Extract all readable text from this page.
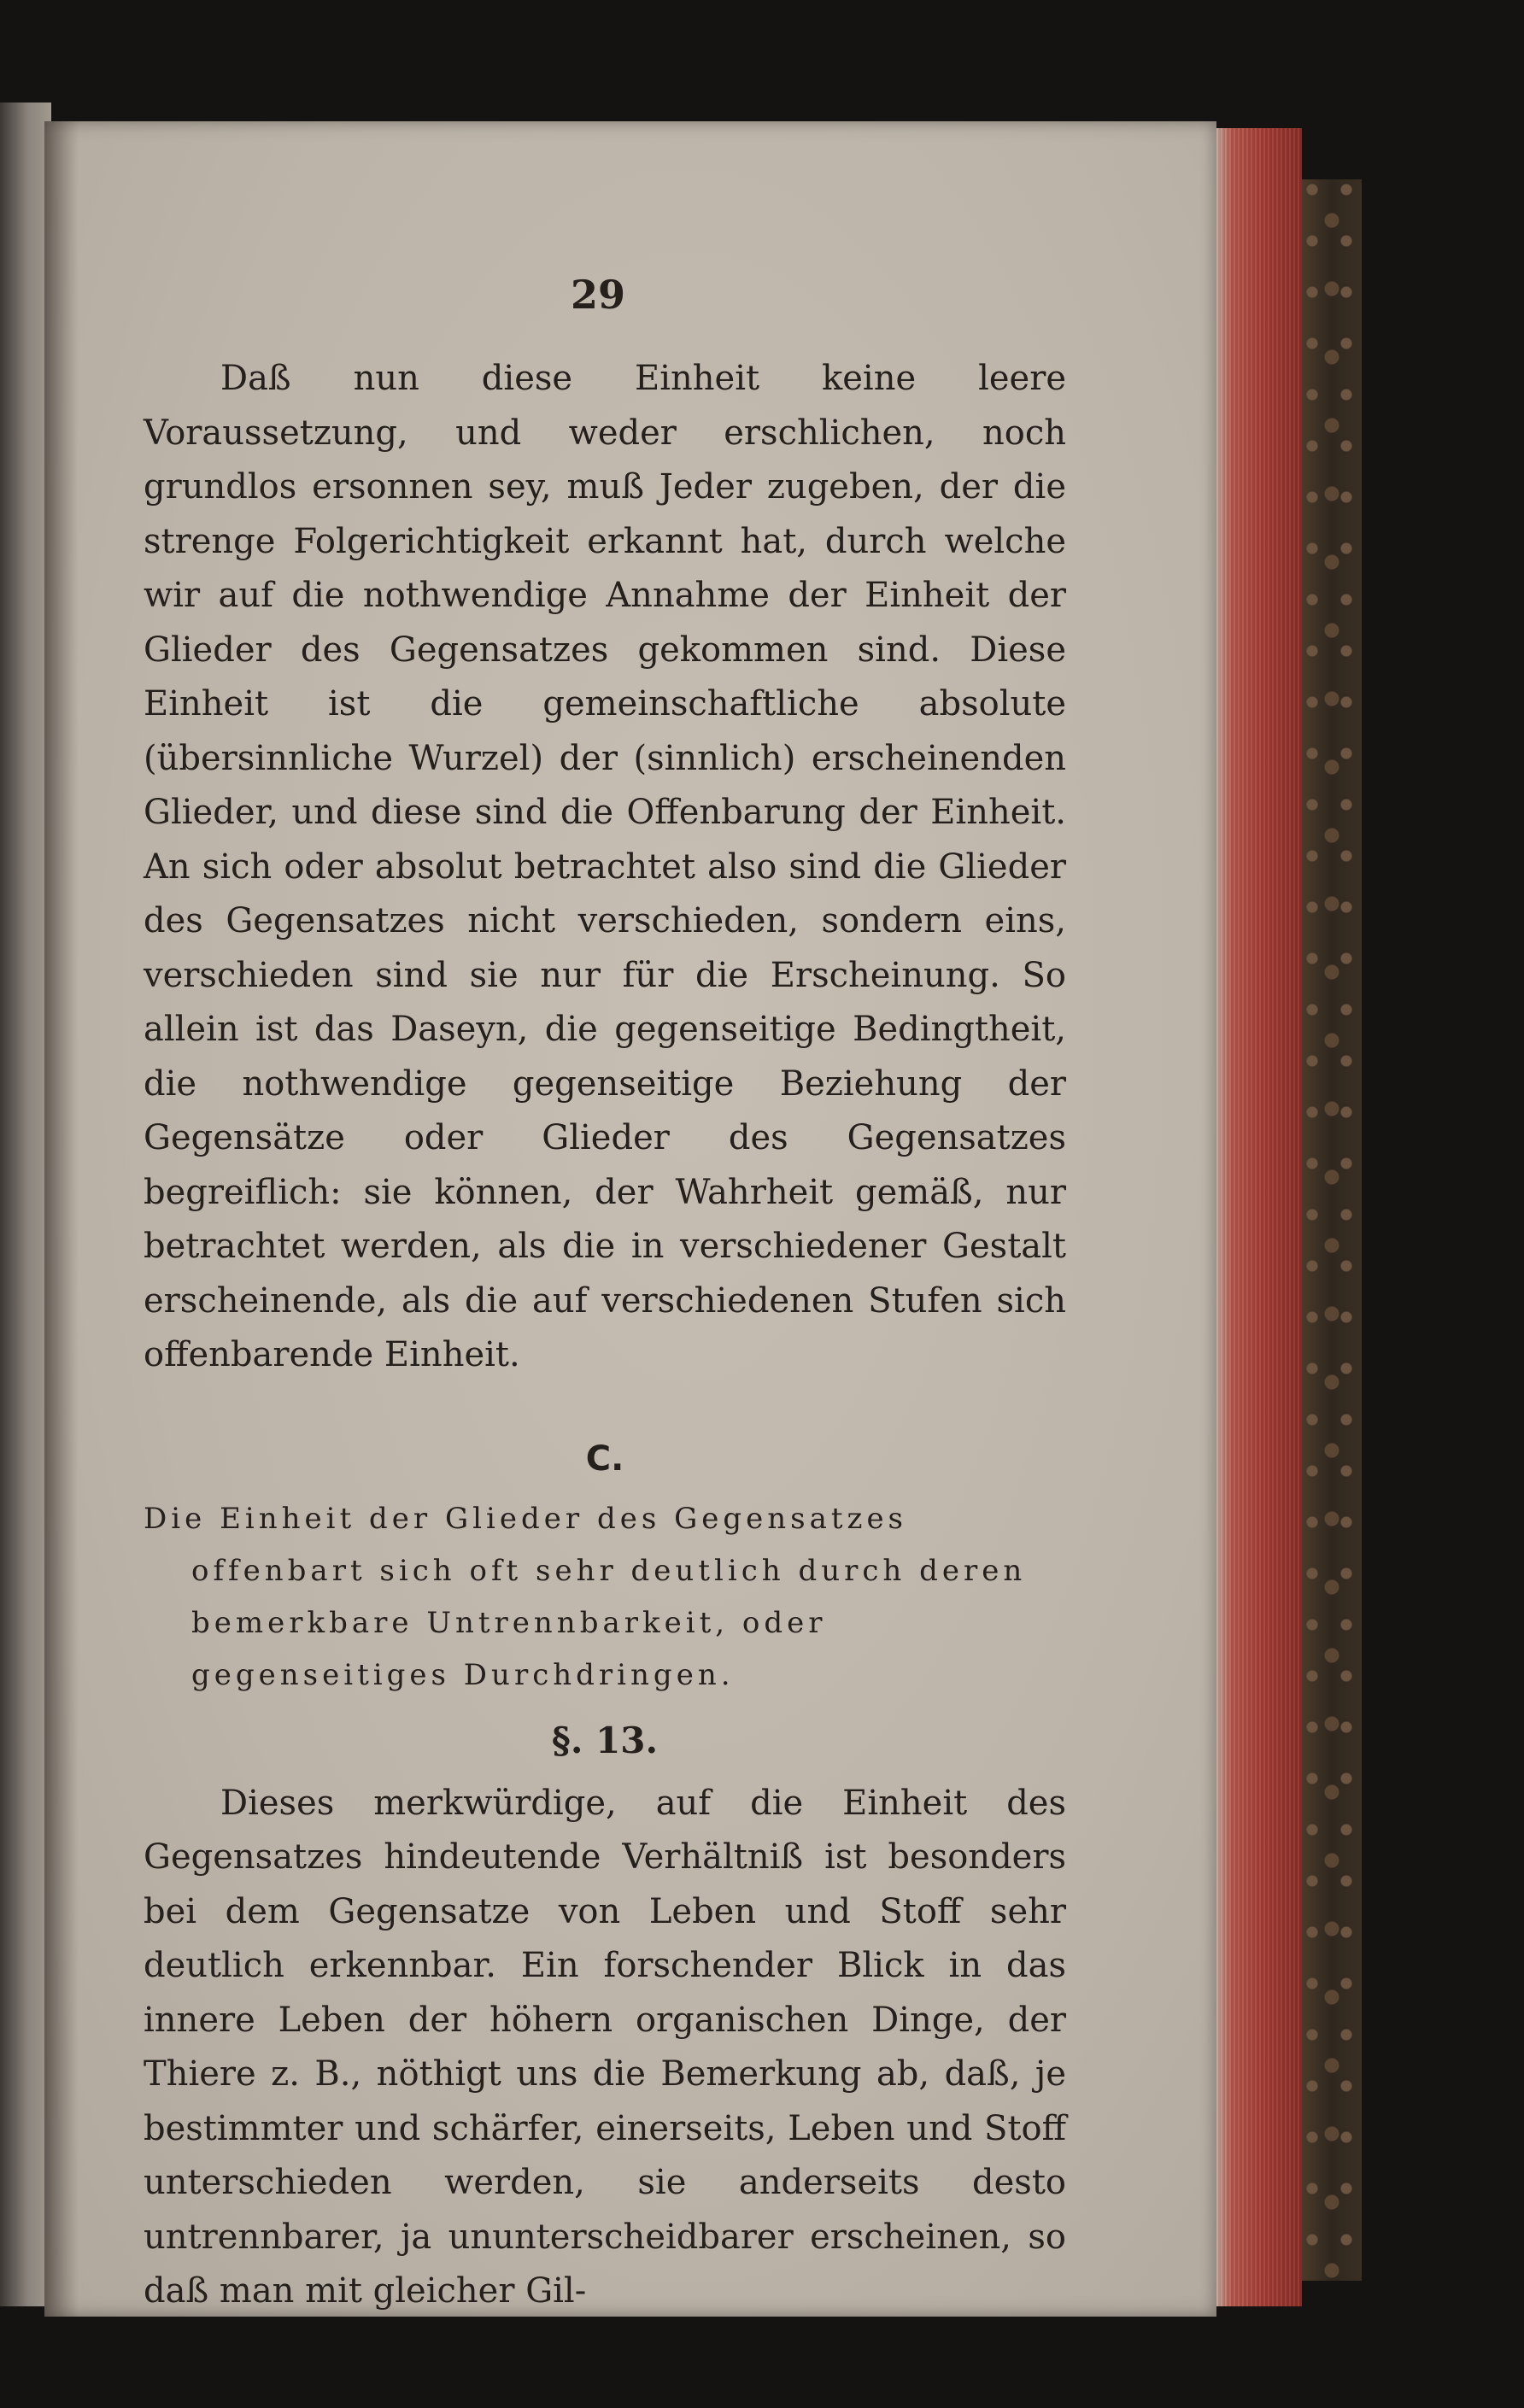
29

Daß nun diese Einheit keine leere Voraussetzung, und weder erschlichen, noch grundlos ersonnen sey, muß Jeder zugeben, der die strenge Folgerichtigkeit erkannt hat, durch welche wir auf die nothwendige Annahme der Einheit der Glieder des Gegensatzes gekommen sind. Diese Einheit ist die gemeinschaftliche absolute (übersinnliche Wurzel) der (sinnlich) erscheinenden Glieder, und diese sind die Offenbarung der Einheit. An sich oder absolut betrachtet also sind die Glieder des Gegensatzes nicht verschieden, sondern eins, verschieden sind sie nur für die Erscheinung. So allein ist das Daseyn, die gegenseitige Bedingtheit, die nothwendige gegenseitige Beziehung der Gegensätze oder Glieder des Gegensatzes begreiflich: sie können, der Wahrheit gemäß, nur betrachtet werden, als die in verschiedener Gestalt erscheinende, als die auf verschiedenen Stufen sich offenbarende Einheit.

C.

Die Einheit der Glieder des Gegensatzes offenbart sich oft sehr deutlich durch deren bemerkbare Untrennbarkeit, oder gegenseitiges Durchdringen.

§. 13.

Dieses merkwürdige, auf die Einheit des Gegensatzes hindeutende Verhältniß ist besonders bei dem Gegensatze von Leben und Stoff sehr deutlich erkennbar. Ein forschender Blick in das innere Leben der höhern organischen Dinge, der Thiere z. B., nöthigt uns die Bemerkung ab, daß, je bestimmter und schärfer, einerseits, Leben und Stoff unterschieden werden, sie anderseits desto untrennbarer, ja ununterscheidbarer erscheinen, so daß man mit gleicher Gil-
